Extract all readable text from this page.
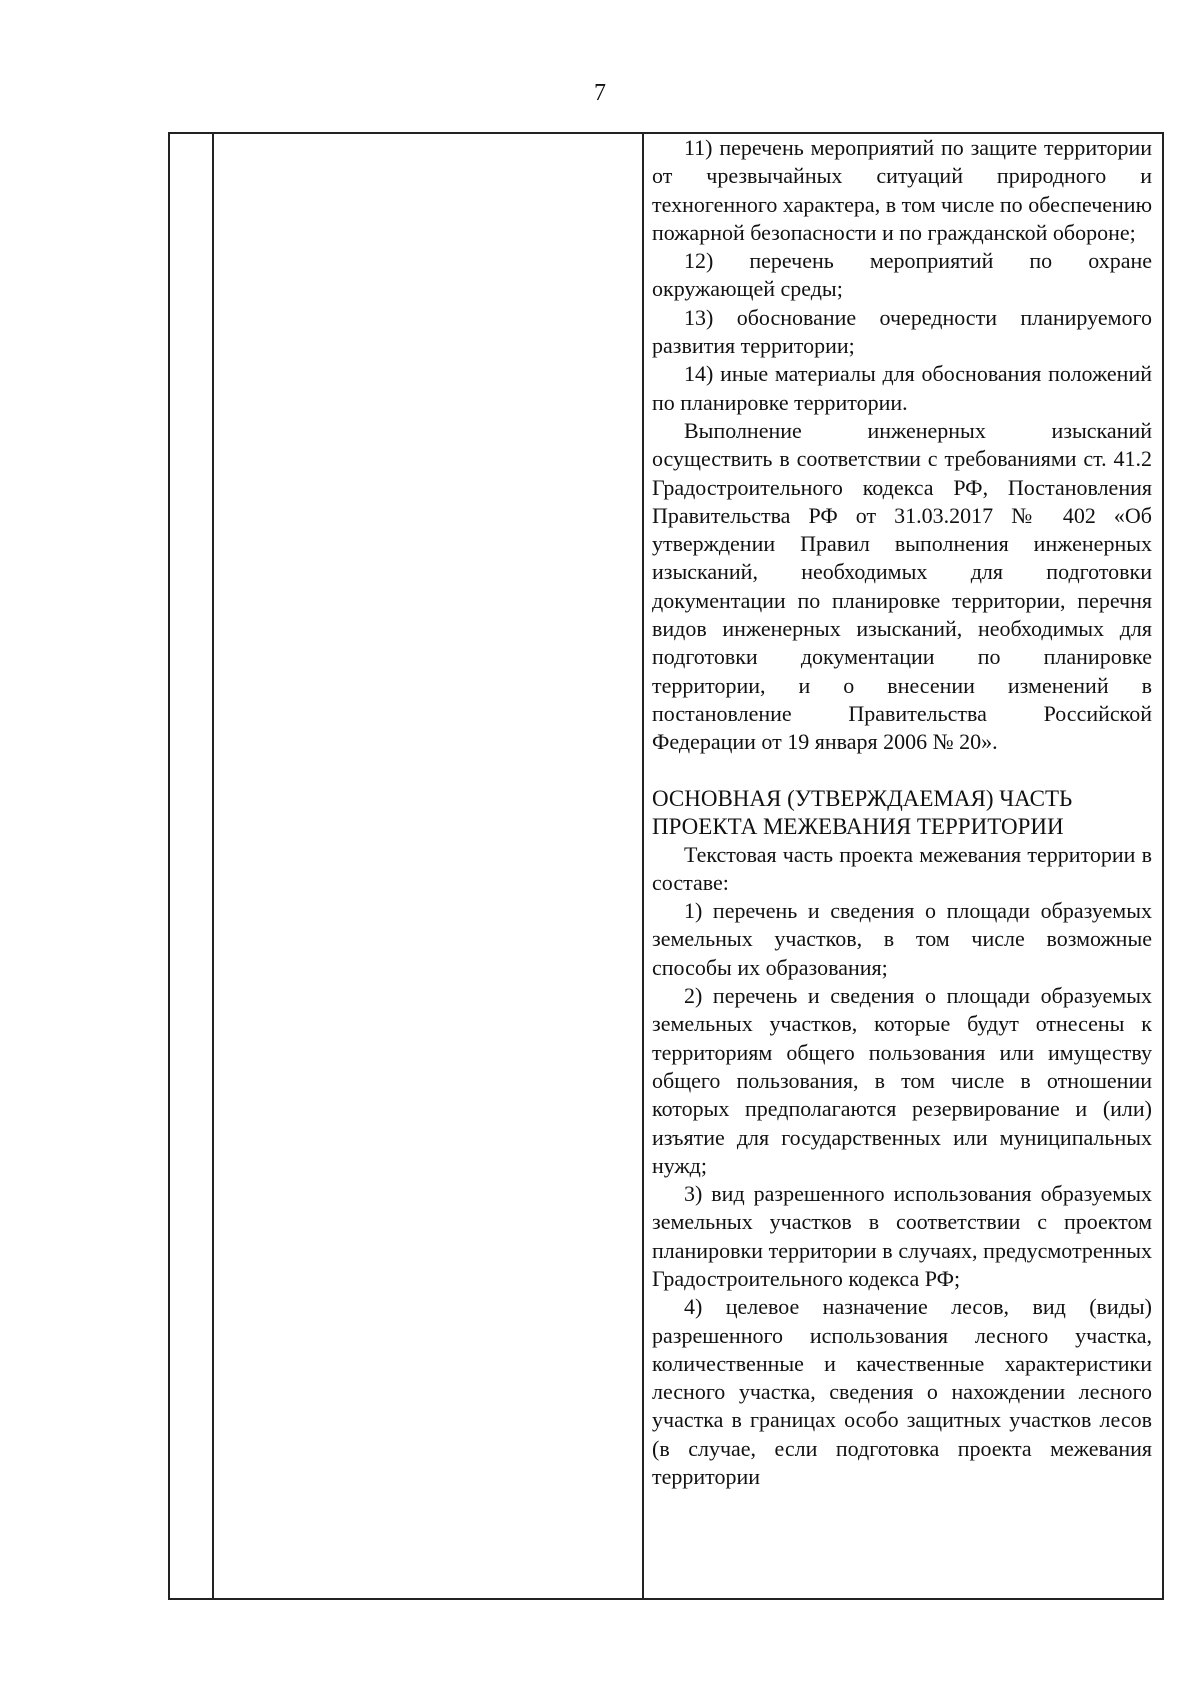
7

11) перечень мероприятий по защите территории от чрезвычайных ситуаций природного и техногенного характера, в том числе по обеспечению пожарной безопасности и по гражданской обороне;

12) перечень мероприятий по охране окружающей среды;

13) обоснование очередности планируемого развития территории;

14) иные материалы для обоснования положений по планировке территории.

Выполнение инженерных изысканий осуществить в соответствии с требованиями ст. 41.2 Градостроительного кодекса РФ, Постановления Правительства РФ от 31.03.2017 № 402 «Об утверждении Правил выполнения инженерных изысканий, необходимых для подготовки документации по планировке территории, перечня видов инженерных изысканий, необходимых для подготовки документации по планировке территории, и о внесении изменений в постановление Правительства Российской Федерации от 19 января 2006 № 20».

ОСНОВНАЯ (УТВЕРЖДАЕМАЯ) ЧАСТЬ ПРОЕКТА МЕЖЕВАНИЯ ТЕРРИТОРИИ

Текстовая часть проекта межевания территории в составе:

1) перечень и сведения о площади образуемых земельных участков, в том числе возможные способы их образования;

2) перечень и сведения о площади образуемых земельных участков, которые будут отнесены к территориям общего пользования или имуществу общего пользования, в том числе в отношении которых предполагаются резервирование и (или) изъятие для государственных или муниципальных нужд;

3) вид разрешенного использования образуемых земельных участков в соответствии с проектом планировки территории в случаях, предусмотренных Градостроительного кодекса РФ;

4) целевое назначение лесов, вид (виды) разрешенного использования лесного участка, количественные и качественные характеристики лесного участка, сведения о нахождении лесного участка в границах особо защитных участков лесов (в случае, если подготовка проекта межевания территории
